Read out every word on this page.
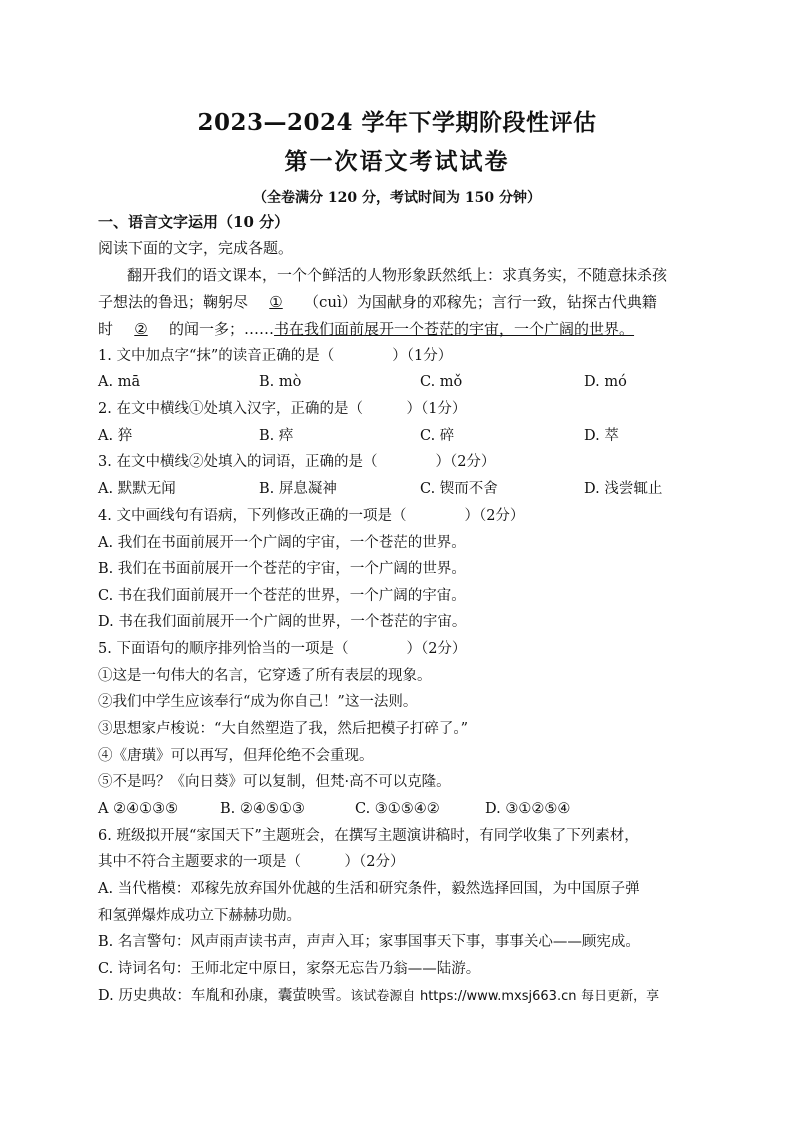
2023—2024 学年下学期阶段性评估
第一次语文考试试卷
（全卷满分 120 分，考试时间为 150 分钟）
一、语言文字运用（10 分）
阅读下面的文字，完成各题。
翻开我们的语文课本，一个个鲜活的人物形象跃然纸上：求真务实，不随意抹杀孩
子想法的鲁迅；鞠躬尽 ① （cuì）为国献身的邓稼先；言行一致，钻探古代典籍
时 ② 的闻一多；……书在我们面前展开一个苍茫的宇宙，一个广阔的世界。
1. 文中加点字“抹”的读音正确的是（　　　　）（1分）
A. mā	B. mò	C. mǒ	D. mó
2. 在文中横线①处填入汉字，正确的是（　　　）（1分）
A. 猝	B. 瘁	C. 碎	D. 萃
3. 在文中横线②处填入的词语，正确的是（　　　　）（2分）
A. 默默无闻	B. 屏息凝神	C. 锲而不舍	D. 浅尝辄止
4. 文中画线句有语病，下列修改正确的一项是（　　　　）（2分）
A. 我们在书面前展开一个广阔的宇宙，一个苍茫的世界。
B. 我们在书面前展开一个苍茫的宇宙，一个广阔的世界。
C. 书在我们面前展开一个苍茫的世界，一个广阔的宇宙。
D. 书在我们面前展开一个广阔的世界，一个苍茫的宇宙。
5. 下面语句的顺序排列恰当的一项是（　　　　）（2分）
①这是一句伟大的名言，它穿透了所有表层的现象。
②我们中学生应该奉行“成为你自己！”这一法则。
③思想家卢梭说：“大自然塑造了我，然后把模子打碎了。”
④《唐璜》可以再写，但拜伦绝不会重现。
⑤不是吗？《向日葵》可以复制，但梵·高不可以克隆。
A ②④①③⑤	B. ②④⑤①③	C. ③①⑤④②	D. ③①②⑤④
6. 班级拟开展“家国天下”主题班会，在撰写主题演讲稿时，有同学收集了下列素材，
其中不符合主题要求的一项是（　　　）（2分）
A. 当代楷模：邓稼先放弃国外优越的生活和研究条件，毅然选择回国，为中国原子弹
和氢弹爆炸成功立下赫赫功勋。
B. 名言警句：风声雨声读书声，声声入耳；家事国事天下事，事事关心——顾宪成。
C. 诗词名句：王师北定中原日，家祭无忘告乃翁——陆游。
D. 历史典故：车胤和孙康，囊萤映雪。该试卷源自 https://www.mxsj663.cn 每日更新，享
